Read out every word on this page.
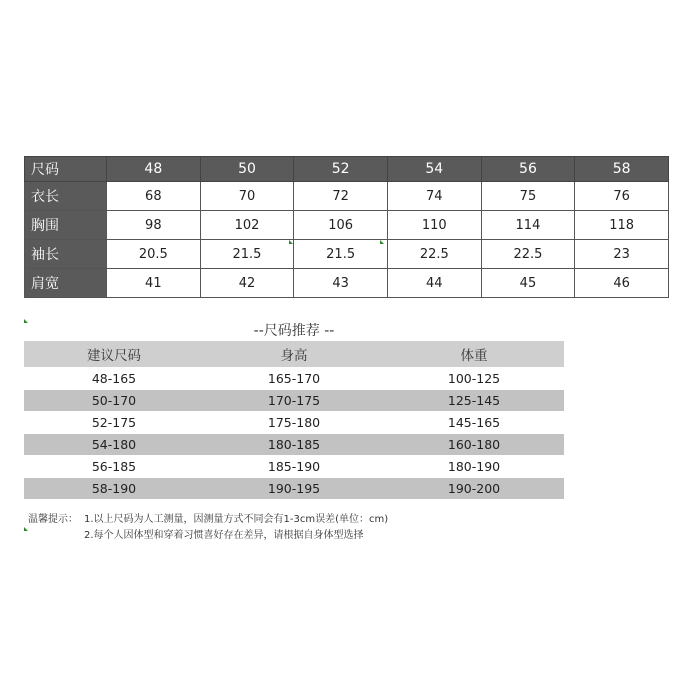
尺码	48	50	52	54	56	58
衣长	68	70	72	74	75	76
胸围	98	102	106	110	114	118
袖长	20.5	21.5	21.5	22.5	22.5	23
肩宽	41	42	43	44	45	46
--尺码推荐 --
建议尺码	身高	体重
48-165	165-170	100-125
50-170	170-175	125-145
52-175	175-180	145-165
54-180	180-185	160-180
56-185	185-190	180-190
58-190	190-195	190-200
温馨提示： 1.以上尺码为人工测量，因测量方式不同会有1-3cm误差(单位：cm)
2.每个人因体型和穿着习惯喜好存在差异，请根据自身体型选择
